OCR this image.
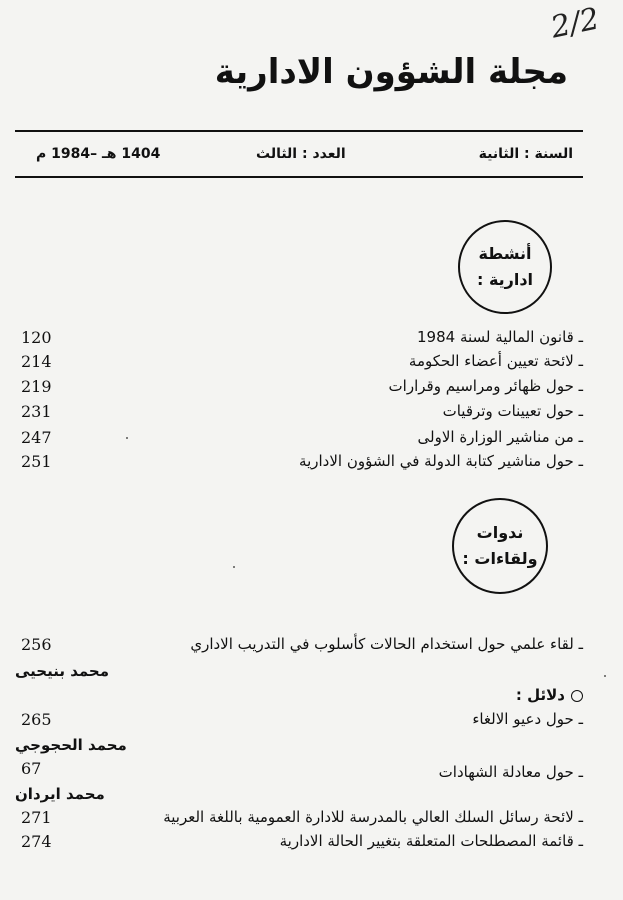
2/2
مجلة الشؤون الادارية
السنة : الثانية
العدد : الثالث
1404 هـ –1984 م
أنشطة
ادارية :
ـ قانون المالية لسنة 1984
120
ـ لائحة تعيين أعضاء الحكومة
214
ـ حول ظهائر ومراسيم وقرارات
219
ـ حول تعيينات وترقيات
231
ـ من مناشير الوزارة الاولى
247
ـ حول مناشير كتابة الدولة في الشؤون الادارية
251
ندوات
ولقاءات :
ـ لقاء علمي حول استخدام الحالات كأسلوب في التدريب الاداري
256
محمد بنيحيى
دلائل :
ـ حول دعيو الالغاء
265
محمد الحجوجي
ـ حول معادلة الشهادات
67
محمد ايردان
ـ لائحة رسائل السلك العالي بالمدرسة للادارة العمومية باللغة العربية
271
ـ قائمة المصطلحات المتعلقة بتغيير الحالة الادارية
274
